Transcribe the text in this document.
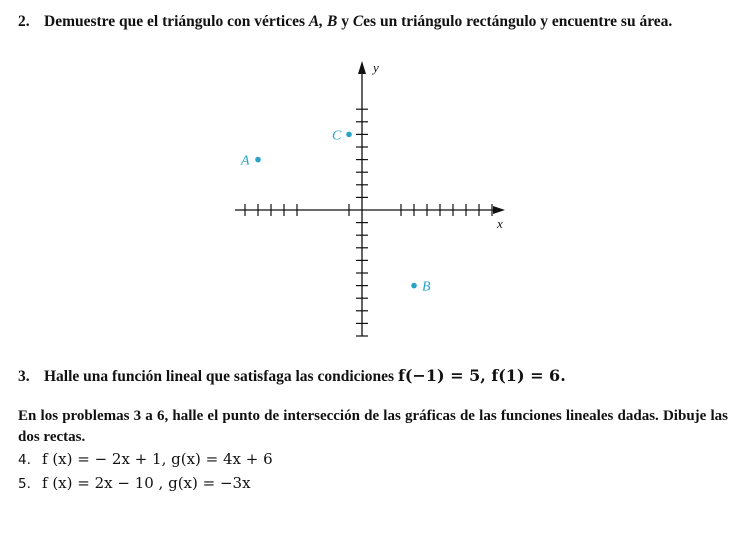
2. Demuestre que el triángulo con vértices A, B y Ces un triángulo rectángulo y encuentre su área.
x
y
A
B
C
3. Halle una función lineal que satisfaga las condiciones f(−1) = 5, f(1) = 6.
En los problemas 3 a 6, halle el punto de intersección de las gráficas de las funciones lineales dadas. Dibuje las dos rectas.
4. f (x) = − 2x + 1, g(x) = 4x + 6
5. f (x) = 2x − 10 , g(x) = −3x
